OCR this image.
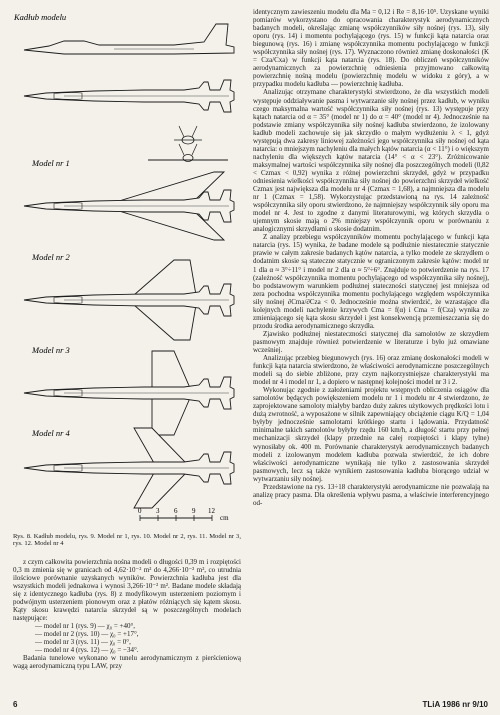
Kadłub modelu
Model nr 1
Model nr 2
Model nr 3
Model nr 4
0 3 6 9 12
cm
Rys. 8. Kadłub modelu, rys. 9. Model nr 1, rys. 10. Model nr 2, rys. 11. Model nr 3, rys. 12. Model nr 4

z czym całkowita powierzchnia nośna modeli o długości 0,39 m i rozpiętości 0,3 m zmienia się w granicach od 4,62·10⁻² m² do 4,266·10⁻² m², co utrudnia ilościowe porównanie uzyskanych wyników. Powierzchnia kadłuba jest dla wszystkich modeli jednakowa i wynosi 3,266·10⁻² m². Badane modele składają się z identycznego kadłuba (rys. 8) z modyfikowym usterzeniem poziomym i podwójnym usterzeniem pionowym oraz z płatów różniących się kątem skosu. Kąty skosu krawędzi natarcia skrzydeł są w poszczególnych modelach następujące:

— model nr 1 (rys. 9) — χ₀ = +40°,
— model nr 2 (rys. 10) — χ₀ = +17°,
— model nr 3 (rys. 11) — χ₀ = 0°,
— model nr 4 (rys. 12) — χ₀ = −34°.

Badania tunelowe wykonano w tunelu aerodynamicznym z pierścieniową wagą aerodynamiczną typu LAW, przy

identycznym zawieszeniu modelu dla Ma = 0,12 i Re = 8,16·10⁵. Uzyskane wyniki pomiarów wykorzystano do opracowania charakterystyk aerodynamicznych badanych modeli, określając zmianę współczynników siły nośnej (rys. 13), siły oporu (rys. 14) i momentu pochylającego (rys. 15) w funkcji kąta natarcia oraz biegunową (rys. 16) i zmianę współczynnika momentu pochylającego w funkcji współczynnika siły nośnej (rys. 17). Wyznaczono również zmianę doskonałości (K = Cza/Cxa) w funkcji kąta natarcia (rys. 18). Do obliczeń współczynników aerodynamicznych za powierzchnię odniesienia przyjmowano całkowitą powierzchnię nośną modelu (powierzchnię modelu w widoku z góry), a w przypadku modelu kadłuba — powierzchnię kadłuba.

Analizując otrzymane charakterystyki stwierdzono, że dla wszystkich modeli występuje oddziaływanie pasma i wytwarzanie siły nośnej przez kadłub, w wyniku czego maksymalna wartość współczynnika siły nośnej (rys. 13) występuje przy kątach natarcia od α = 35° (model nr 1) do α = 40° (model nr 4). Jednocześnie na podstawie zmiany współczynnika siły nośnej kadłuba stwierdzono, że izolowany kadłub modeli zachowuje się jak skrzydło o małym wydłużeniu λ < 1, gdyż występują dwa zakresy liniowej zależności jego współczynnika siły nośnej od kąta natarcia: o mniejszym nachyleniu dla małych kątów natarcia (α < 11°) i o większym nachyleniu dla większych kątów natarcia (14° < α < 23°). Zróżnicowanie maksymalnej wartości współczynnika siły nośnej dla poszczególnych modeli (0,82 < Czmax < 0,92) wynika z różnej powierzchni skrzydeł, gdyż w przypadku odniesienia wielkości współczynnika siły nośnej do powierzchni skrzydeł wielkość Czmax jest największa dla modelu nr 4 (Czmax = 1,68), a najmniejsza dla modelu nr 1 (Czmax = 1,58). Wykorzystując przedstawioną na rys. 14 zależność współczynnika siły oporu stwierdzono, że najmniejszy współczynnik siły oporu ma model nr 4. Jest to zgodne z danymi literaturowymi, wg których skrzydła o ujemnym skosie mają o 2% mniejszy współczynnik oporu w porównaniu z analogicznymi skrzydłami o skosie dodatnim.

Z analizy przebiegu współczynników momentu pochylającego w funkcji kąta natarcia (rys. 15) wynika, że badane modele są podłużnie niestatecznie statycznie prawie w całym zakresie badanych kątów natarcia, a tylko modele ze skrzydłem o dodatnim skosie są stateczne statycznie w ograniczonym zakresie kątów: model nr 1 dla α ≈ 3°÷11° i model nr 2 dla α ≈ 5°÷6°. Znajduje to potwierdzenie na rys. 17 (zależność współczynnika momentu pochylającego od współczynnika siły nośnej), bo podstawowym warunkiem podłużnej stateczności statycznej jest mniejsza od zera pochodna współczynnika momentu pochylającego względem współczynnika siły nośnej ∂Cma/∂Cza < 0. Jednocześnie można stwierdzić, że wzrastające dla kolejnych modeli nachylenie krzywych Cma = f(α) i Cma = f(Cza) wynika ze zmieniającego się kąta skosu skrzydeł i jest konsekwencją przemieszczania się do przodu środka aerodynamicznego skrzydła.

Zjawisko podłużnej niestateczności statycznej dla samolotów ze skrzydłem pasmowym znajduje również potwierdzenie w literaturze i było już omawiane wcześniej.

Analizując przebieg biegunowych (rys. 16) oraz zmianę doskonałości modeli w funkcji kąta natarcia stwierdzono, że właściwości aerodynamiczne poszczególnych modeli są do siebie zbliżone, przy czym najkorzystniejsze charakterystyki ma model nr 4 i model nr 1, a dopiero w następnej kolejności model nr 3 i 2.

Wykonując zgodnie z założeniami projektu wstępnych obliczenia osiągów dla samolotów będących powiększeniem modelu nr 1 i modelu nr 4 stwierdzono, że zaprojektowane samoloty miałyby bardzo duży zakres użytkowych prędkości lotu i dużą zwrotność, a wyposażone w silnik zapewniający obciążenie ciągu K/Q = 1,04 byłyby jednocześnie samolotami krótkiego startu i lądowania. Przydatność minimalne takich samolotów byłyby rzędu 160 km/h, a długość startu przy pełnej mechanizacji skrzydeł (klapy przednie na całej rozpiętości i klapy tylne) wynosiłaby ok. 400 m. Porównanie charakterystyk aerodynamicznych badanych modeli z izolowanym modelem kadłuba pozwala stwierdzić, że ich dobre właściwości aerodynamiczne wynikają nie tylko z zastosowania skrzydeł pasmowych, lecz są także wynikiem zastosowania kadłuba biorącego udział w wytwarzaniu siły nośnej.

Przedstawione na rys. 13÷18 charakterystyki aerodynamiczne nie pozwalają na analizę pracy pasma. Dla określenia wpływu pasma, a właściwie interferencyjnego od-

6	TLiA 1986 nr 9/10
